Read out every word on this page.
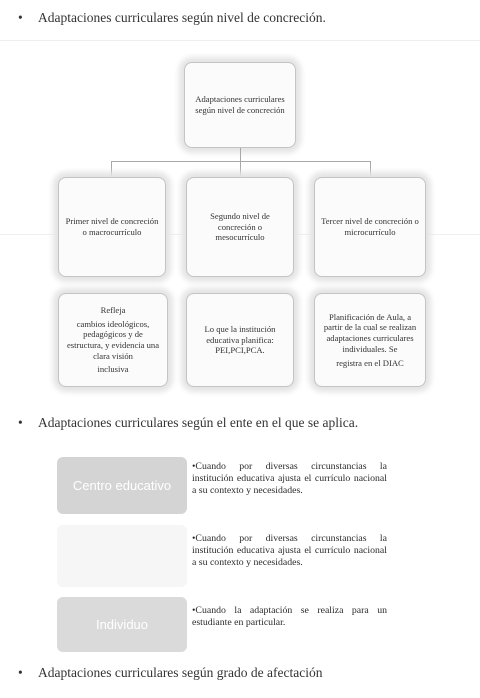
• Adaptaciones curriculares según nivel de concreción.
Adaptaciones curriculares según nivel de concreción
Primer nivel de concreción o macrocurrículo
Segundo nivel de concreción o mesocurrículo
Tercer nivel de concreción o microcurrículo
Refleja
cambios ideológicos, pedagógicos y de estructura, y evidencia una clara visión
inclusiva
Lo que la institución educativa planifica: PEI,PCI,PCA.
Planificación de Aula, a partir de la cual se realizan adaptaciones curriculares individuales. Se
registra en el DIAC
• Adaptaciones curriculares según el ente en el que se aplica.
Centro educativo
•Cuando por diversas circunstancias la institución educativa ajusta el currículo nacional a su contexto y necesidades.
•Cuando por diversas circunstancias la institución educativa ajusta el currículo nacional a su contexto y necesidades.
Individuo
•Cuando la adaptación se realiza para un estudiante en particular.
• Adaptaciones curriculares según grado de afectación
